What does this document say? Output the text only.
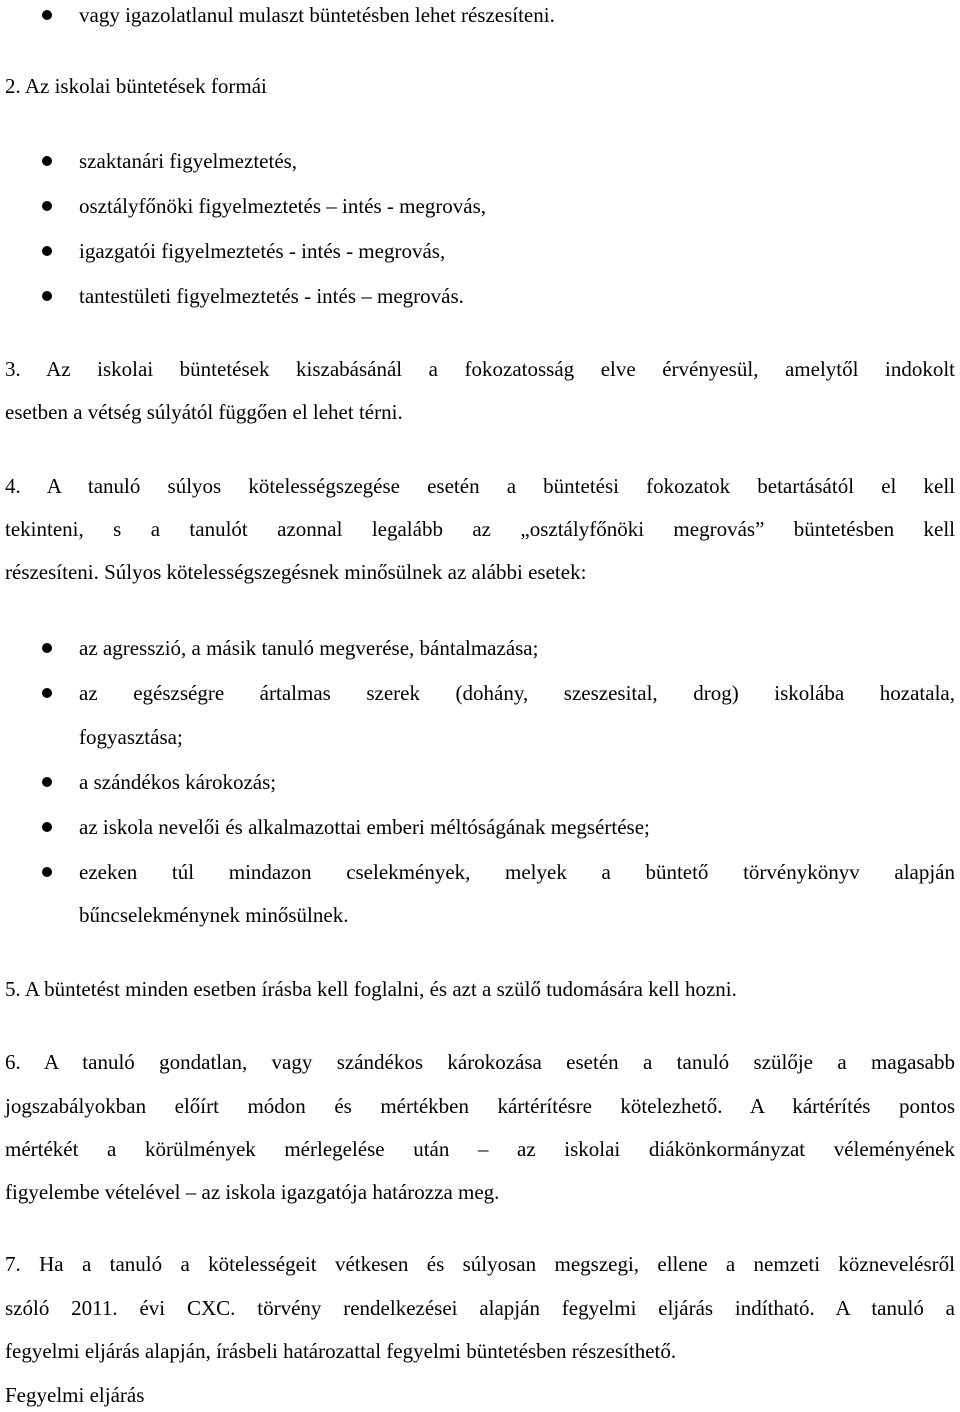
vagy igazolatlanul mulaszt büntetésben lehet részesíteni.
2. Az iskolai büntetések formái
szaktanári figyelmeztetés,
osztályfőnöki figyelmeztetés – intés - megrovás,
igazgatói figyelmeztetés - intés - megrovás,
tantestületi figyelmeztetés - intés – megrovás.
3. Az iskolai büntetések kiszabásánál a fokozatosság elve érvényesül, amelytől indokolt
esetben a vétség súlyától függően el lehet térni.
4. A tanuló súlyos kötelességszegése esetén a büntetési fokozatok betartásától el kell
tekinteni, s a tanulót azonnal legalább az „osztályfőnöki megrovás” büntetésben kell
részesíteni. Súlyos kötelességszegésnek minősülnek az alábbi esetek:
az agresszió, a másik tanuló megverése, bántalmazása;
az egészségre ártalmas szerek (dohány, szeszesital, drog) iskolába hozatala,
fogyasztása;
a szándékos károkozás;
az iskola nevelői és alkalmazottai emberi méltóságának megsértése;
ezeken túl mindazon cselekmények, melyek a büntető törvénykönyv alapján
bűncselekménynek minősülnek.
5. A büntetést minden esetben írásba kell foglalni, és azt a szülő tudomására kell hozni.
6. A tanuló gondatlan, vagy szándékos károkozása esetén a tanuló szülője a magasabb
jogszabályokban előírt módon és mértékben kártérítésre kötelezhető. A kártérítés pontos
mértékét a körülmények mérlegelése után – az iskolai diákönkormányzat véleményének
figyelembe vételével – az iskola igazgatója határozza meg.
7. Ha a tanuló a kötelességeit vétkesen és súlyosan megszegi, ellene a nemzeti köznevelésről
szóló 2011. évi CXC. törvény rendelkezései alapján fegyelmi eljárás indítható. A tanuló a
fegyelmi eljárás alapján, írásbeli határozattal fegyelmi büntetésben részesíthető.
Fegyelmi eljárás
